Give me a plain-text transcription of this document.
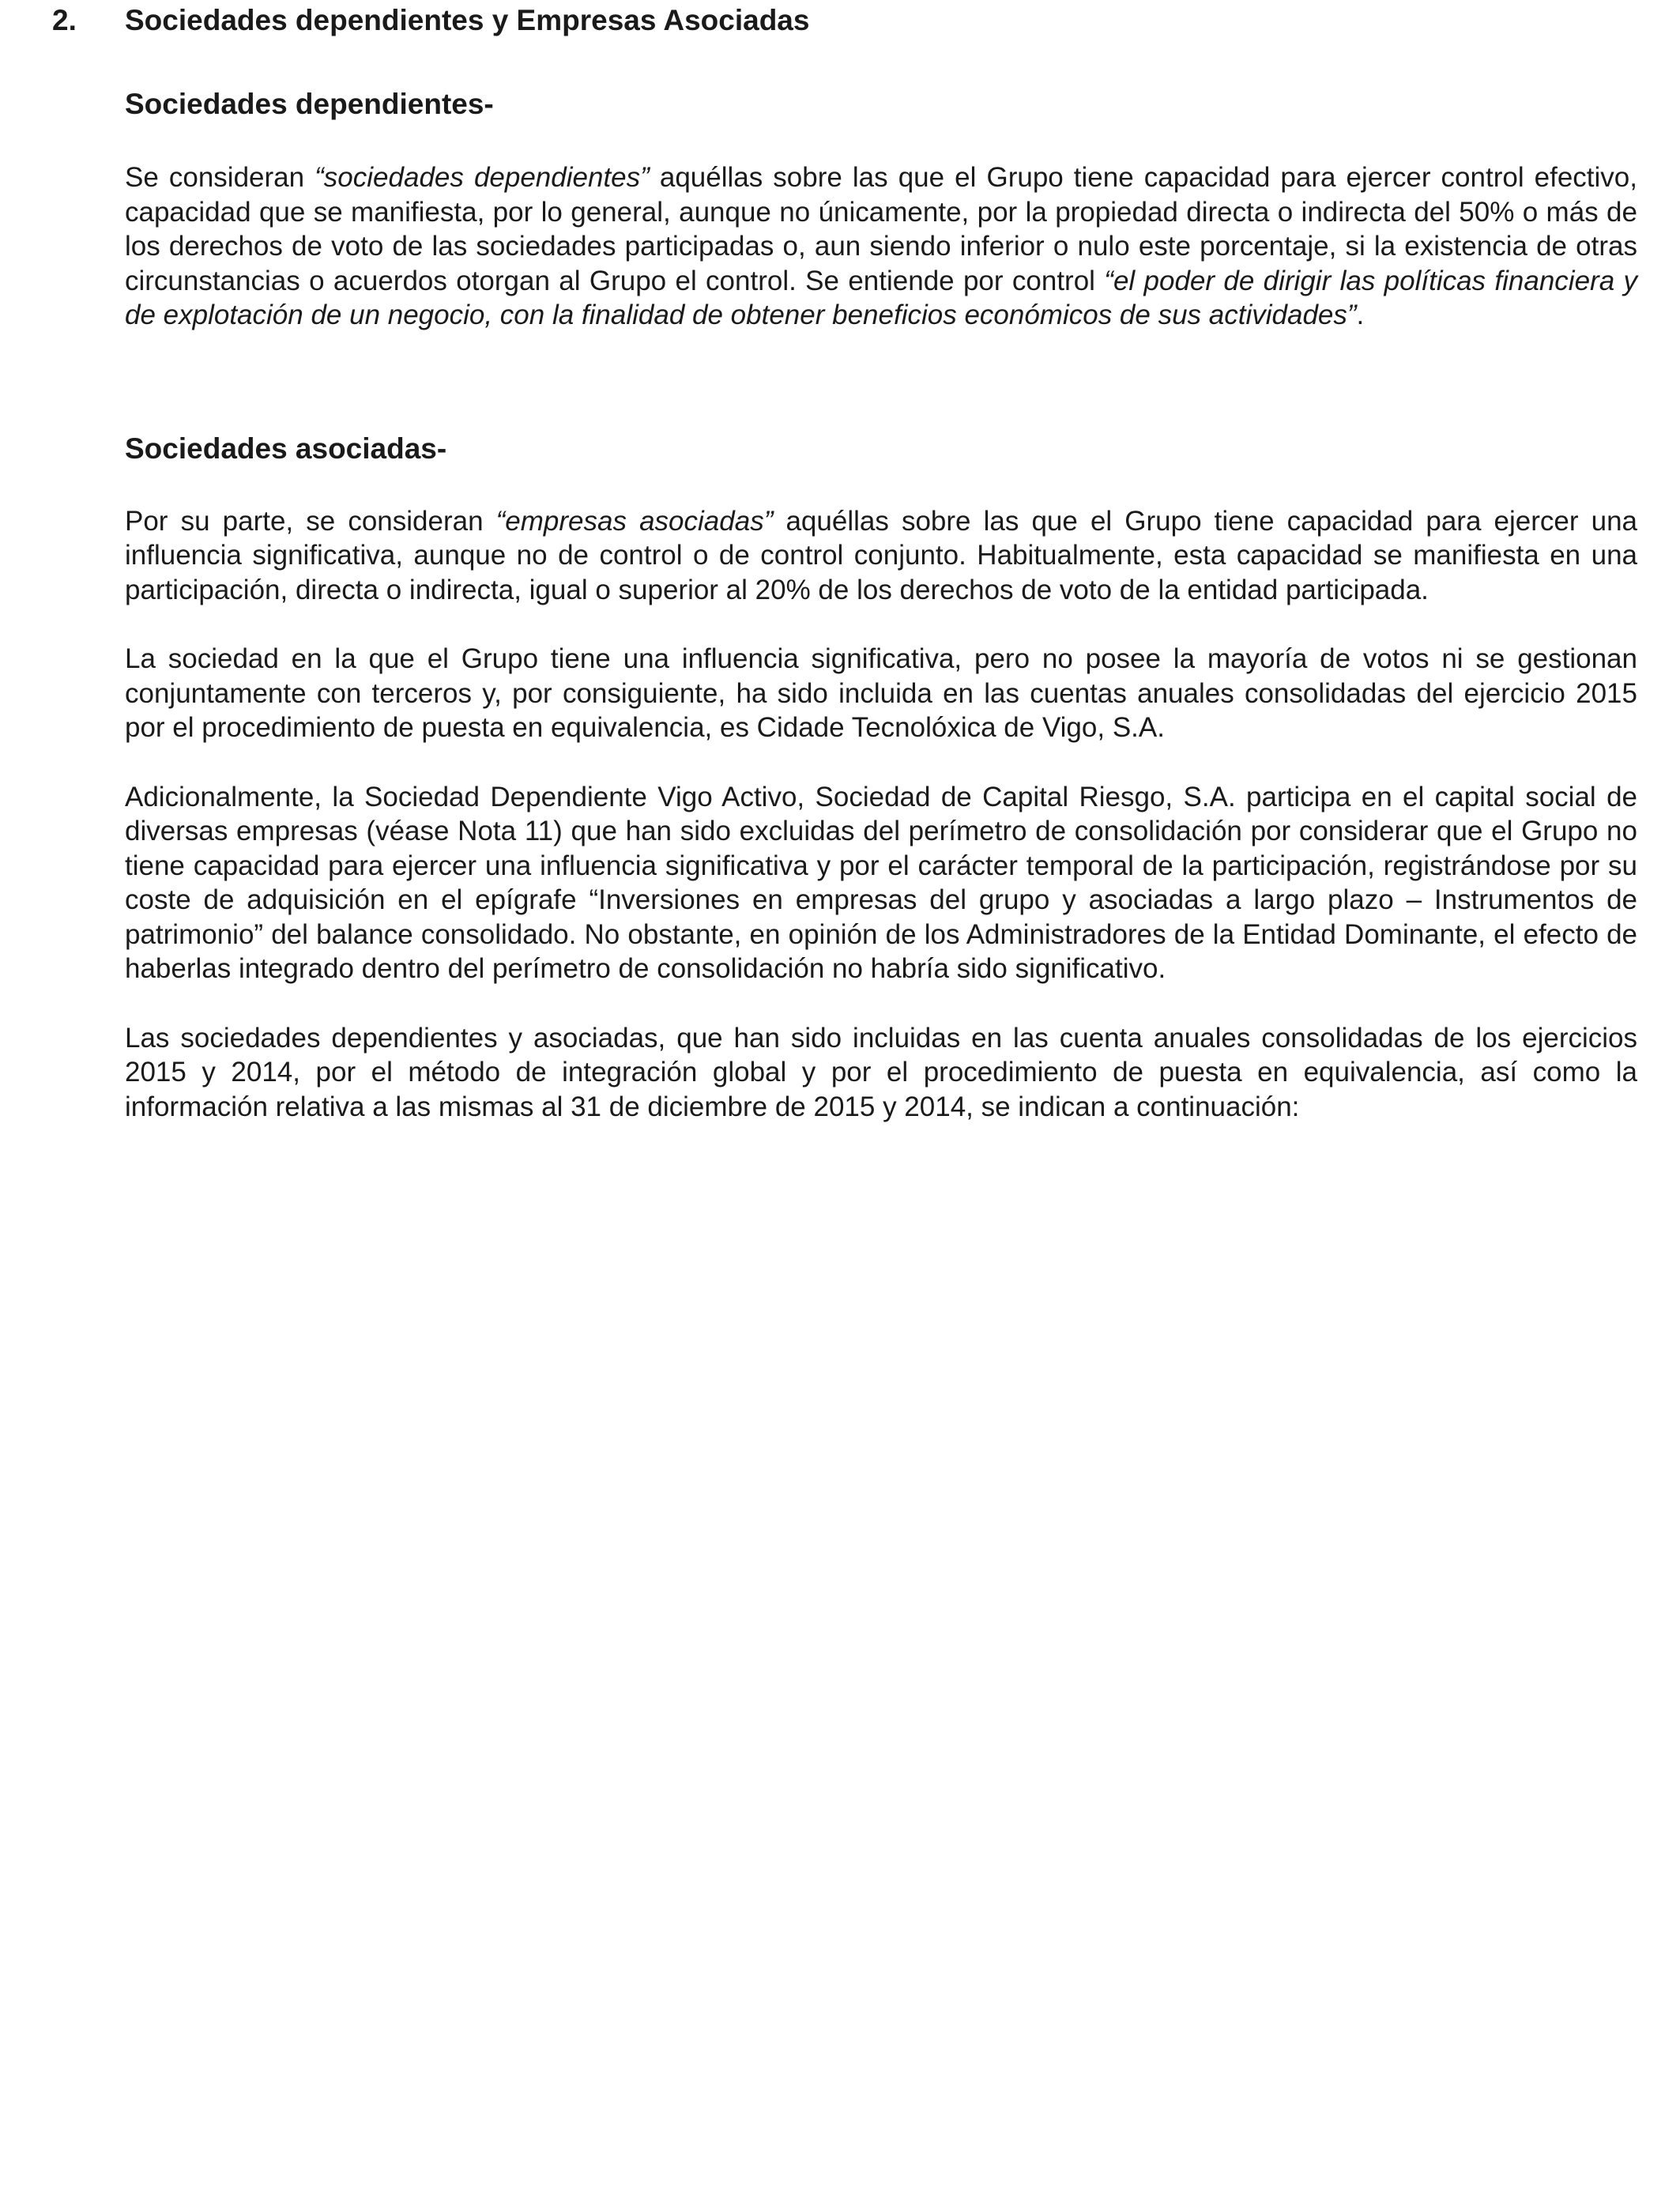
2. Sociedades dependientes y Empresas Asociadas
Sociedades dependientes-

Se consideran “sociedades dependientes” aquéllas sobre las que el Grupo tiene capacidad para ejercer control efectivo, capacidad que se manifiesta, por lo general, aunque no únicamente, por la propiedad directa o indirecta del 50% o más de los derechos de voto de las sociedades participadas o, aun siendo inferior o nulo este porcentaje, si la existencia de otras circunstancias o acuerdos otorgan al Grupo el control. Se entiende por control “el poder de dirigir las políticas financiera y de explotación de un negocio, con la finalidad de obtener beneficios económicos de sus actividades”.

Sociedades asociadas-

Por su parte, se consideran “empresas asociadas” aquéllas sobre las que el Grupo tiene capacidad para ejercer una influencia significativa, aunque no de control o de control conjunto. Habitualmente, esta capacidad se manifiesta en una participación, directa o indirecta, igual o superior al 20% de los derechos de voto de la entidad participada.

La sociedad en la que el Grupo tiene una influencia significativa, pero no posee la mayoría de votos ni se gestionan conjuntamente con terceros y, por consiguiente, ha sido incluida en las cuentas anuales consolidadas del ejercicio 2015 por el procedimiento de puesta en equivalencia, es Cidade Tecnolóxica de Vigo, S.A.

Adicionalmente, la Sociedad Dependiente Vigo Activo, Sociedad de Capital Riesgo, S.A. participa en el capital social de diversas empresas (véase Nota 11) que han sido excluidas del perímetro de consolidación por considerar que el Grupo no tiene capacidad para ejercer una influencia significativa y por el carácter temporal de la participación, registrándose por su coste de adquisición en el epígrafe “Inversiones en empresas del grupo y asociadas a largo plazo – Instrumentos de patrimonio” del balance consolidado. No obstante, en opinión de los Administradores de la Entidad Dominante, el efecto de haberlas integrado dentro del perímetro de consolidación no habría sido significativo.

Las sociedades dependientes y asociadas, que han sido incluidas en las cuenta anuales consolidadas de los ejercicios 2015 y 2014, por el método de integración global y por el procedimiento de puesta en equivalencia, así como la información relativa a las mismas al 31 de diciembre de 2015 y 2014, se indican a continuación:
